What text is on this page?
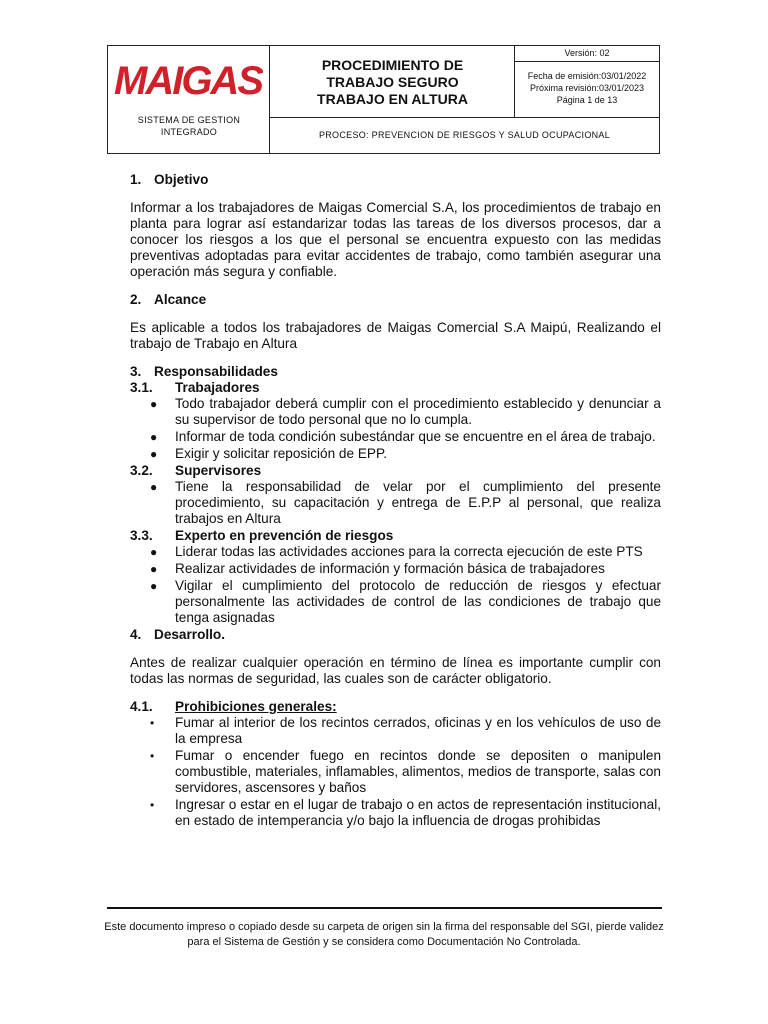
MAIGAS
SISTEMA DE GESTION
INTEGRADO
PROCEDIMIENTO DE
TRABAJO SEGURO
TRABAJO EN ALTURA
Versión: 02
Fecha de emisión:03/01/2022
Próxima revisión:03/01/2023
Página 1 de 13
PROCESO: PREVENCION DE RIESGOS Y SALUD OCUPACIONAL
1. Objetivo

Informar a los trabajadores de Maigas Comercial S.A, los procedimientos de trabajo en planta para lograr así estandarizar todas las tareas de los diversos procesos, dar a conocer los riesgos a los que el personal se encuentra expuesto con las medidas preventivas adoptadas para evitar accidentes de trabajo, como también asegurar una operación más segura y confiable.

2. Alcance

Es aplicable a todos los trabajadores de Maigas Comercial S.A Maipú, Realizando el trabajo de Trabajo en Altura

3. Responsabilidades
3.1. Trabajadores
● Todo trabajador deberá cumplir con el procedimiento establecido y denunciar a su supervisor de todo personal que no lo cumpla.
● Informar de toda condición subestándar que se encuentre en el área de trabajo.
● Exigir y solicitar reposición de EPP.
3.2. Supervisores
● Tiene la responsabilidad de velar por el cumplimiento del presente procedimiento, su capacitación y entrega de E.P.P al personal, que realiza trabajos en Altura
3.3. Experto en prevención de riesgos
● Liderar todas las actividades acciones para la correcta ejecución de este PTS
● Realizar actividades de información y formación básica de trabajadores
● Vigilar el cumplimiento del protocolo de reducción de riesgos y efectuar personalmente las actividades de control de las condiciones de trabajo que tenga asignadas
4. Desarrollo.

Antes de realizar cualquier operación en término de línea es importante cumplir con todas las normas de seguridad, las cuales son de carácter obligatorio.

4.1. Prohibiciones generales:
• Fumar al interior de los recintos cerrados, oficinas y en los vehículos de uso de la empresa
• Fumar o encender fuego en recintos donde se depositen o manipulen combustible, materiales, inflamables, alimentos, medios de transporte, salas con servidores, ascensores y baños
• Ingresar o estar en el lugar de trabajo o en actos de representación institucional, en estado de intemperancia y/o bajo la influencia de drogas prohibidas
Este documento impreso o copiado desde su carpeta de origen sin la firma del responsable del SGI, pierde validez para el Sistema de Gestión y se considera como Documentación No Controlada.
